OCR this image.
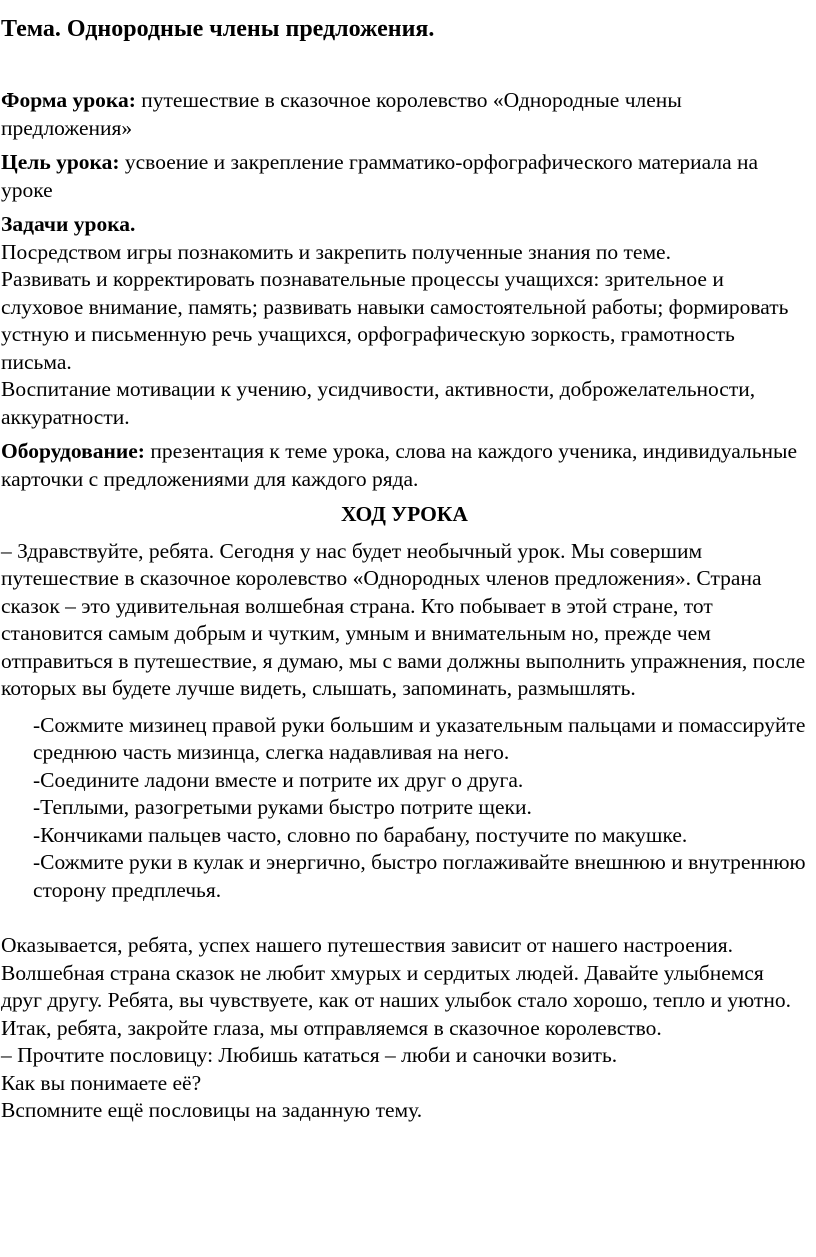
Тема. Однородные члены предложения.
Форма урока: путешествие в сказочное королевство «Однородные члены предложения»
Цель урока: усвоение и закрепление грамматико-орфографического материала на уроке
Задачи урока.
Посредством игры познакомить и закрепить полученные знания по теме.
Развивать и корректировать познавательные процессы учащихся: зрительное и слуховое внимание, память; развивать навыки самостоятельной работы; формировать устную и письменную речь учащихся, орфографическую зоркость, грамотность письма.
Воспитание мотивации к учению, усидчивости, активности, доброжелательности, аккуратности.
Оборудование: презентация к теме урока, слова на каждого ученика, индивидуальные карточки с предложениями для каждого ряда.
ХОД УРОКА
– Здравствуйте, ребята. Сегодня у нас будет необычный урок. Мы совершим путешествие в сказочное королевство «Однородных членов предложения». Страна сказок – это удивительная волшебная страна. Кто побывает в этой стране, тот становится самым добрым и чутким, умным и внимательным но, прежде чем отправиться в путешествие, я думаю, мы с вами должны выполнить упражнения, после которых вы будете лучше видеть, слышать, запоминать, размышлять.
-Сожмите мизинец правой руки большим и указательным пальцами и помассируйте среднюю часть мизинца, слегка надавливая на него.
-Соедините ладони вместе и потрите их друг о друга.
-Теплыми, разогретыми руками быстро потрите щеки.
-Кончиками пальцев часто, словно по барабану, постучите по макушке.
-Сожмите руки в кулак и энергично, быстро поглаживайте внешнюю и внутреннюю сторону предплечья.
Оказывается, ребята, успех нашего путешествия зависит от нашего настроения. Волшебная страна сказок не любит хмурых и сердитых людей. Давайте улыбнемся друг другу. Ребята, вы чувствуете, как от наших улыбок стало хорошо, тепло и уютно.
Итак, ребята, закройте глаза, мы отправляемся в сказочное королевство.
– Прочтите пословицу: Любишь кататься – люби и саночки возить.
Как вы понимаете её?
Вспомните ещё пословицы на заданную тему.
